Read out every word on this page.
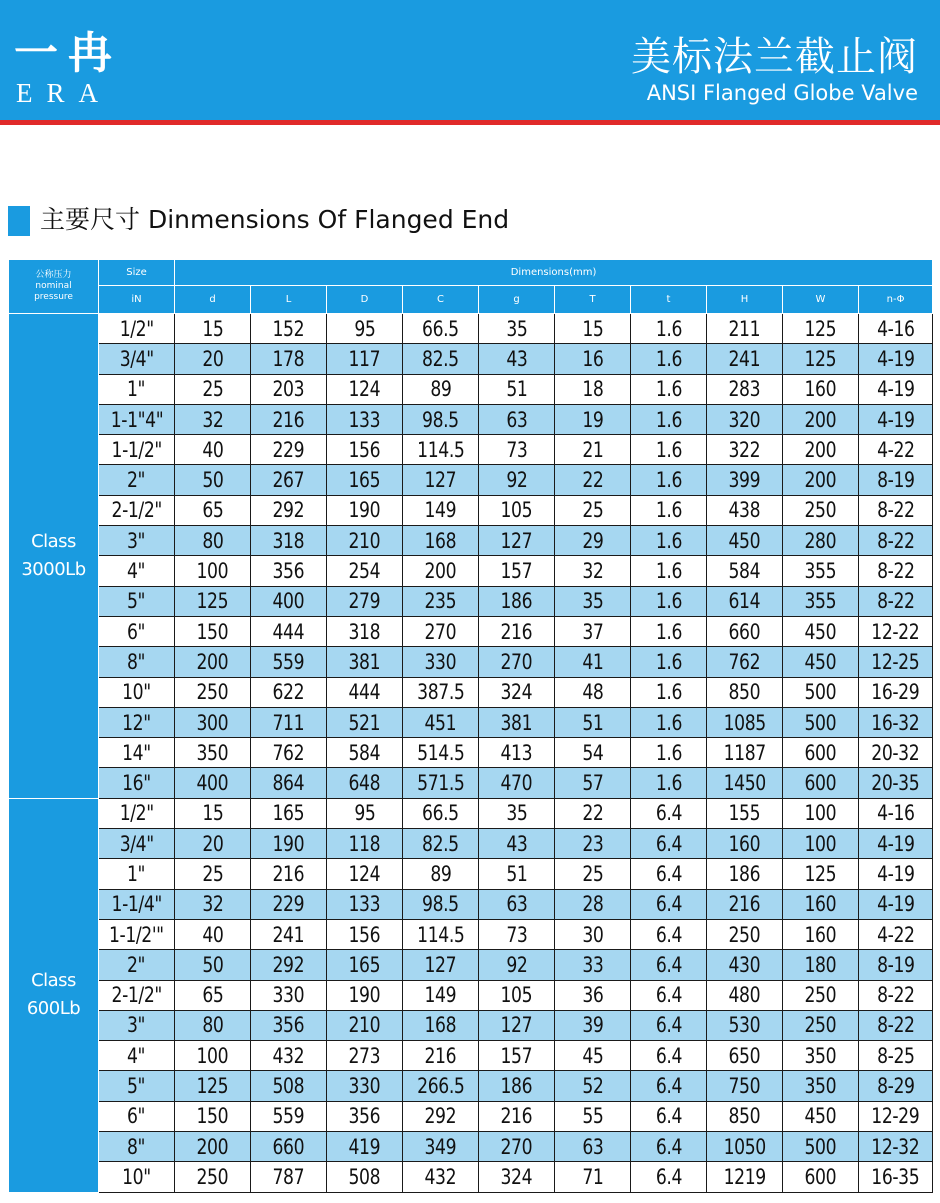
一冉
ERA
美标法兰截止阀
ANSI Flanged Globe Valve
主要尺寸 Dinmensions Of Flanged End
公称压力
nominal
pressure	Size	Dimensions(mm)									
	iN	d	L	D	C	g	T	t	H	W	n-Φ

Class
3000Lb	1/2"	15	152	95	66.5	35	15	1.6	211	125	4-16
	3/4"	20	178	117	82.5	43	16	1.6	241	125	4-19
	1"	25	203	124	89	51	18	1.6	283	160	4-19
	1-1"4"	32	216	133	98.5	63	19	1.6	320	200	4-19
	1-1/2"	40	229	156	114.5	73	21	1.6	322	200	4-22
	2"	50	267	165	127	92	22	1.6	399	200	8-19
	2-1/2"	65	292	190	149	105	25	1.6	438	250	8-22
	3"	80	318	210	168	127	29	1.6	450	280	8-22
	4"	100	356	254	200	157	32	1.6	584	355	8-22
	5"	125	400	279	235	186	35	1.6	614	355	8-22
	6"	150	444	318	270	216	37	1.6	660	450	12-22
	8"	200	559	381	330	270	41	1.6	762	450	12-25
	10"	250	622	444	387.5	324	48	1.6	850	500	16-29
	12"	300	711	521	451	381	51	1.6	1085	500	16-32
	14"	350	762	584	514.5	413	54	1.6	1187	600	20-32
	16"	400	864	648	571.5	470	57	1.6	1450	600	20-35

Class
600Lb	1/2"	15	165	95	66.5	35	22	6.4	155	100	4-16
	3/4"	20	190	118	82.5	43	23	6.4	160	100	4-19
	1"	25	216	124	89	51	25	6.4	186	125	4-19
	1-1/4"	32	229	133	98.5	63	28	6.4	216	160	4-19
	1-1/2'"	40	241	156	114.5	73	30	6.4	250	160	4-22
	2"	50	292	165	127	92	33	6.4	430	180	8-19
	2-1/2"	65	330	190	149	105	36	6.4	480	250	8-22
	3"	80	356	210	168	127	39	6.4	530	250	8-22
	4"	100	432	273	216	157	45	6.4	650	350	8-25
	5"	125	508	330	266.5	186	52	6.4	750	350	8-29
	6"	150	559	356	292	216	55	6.4	850	450	12-29
	8"	200	660	419	349	270	63	6.4	1050	500	12-32
	10"	250	787	508	432	324	71	6.4	1219	600	16-35
